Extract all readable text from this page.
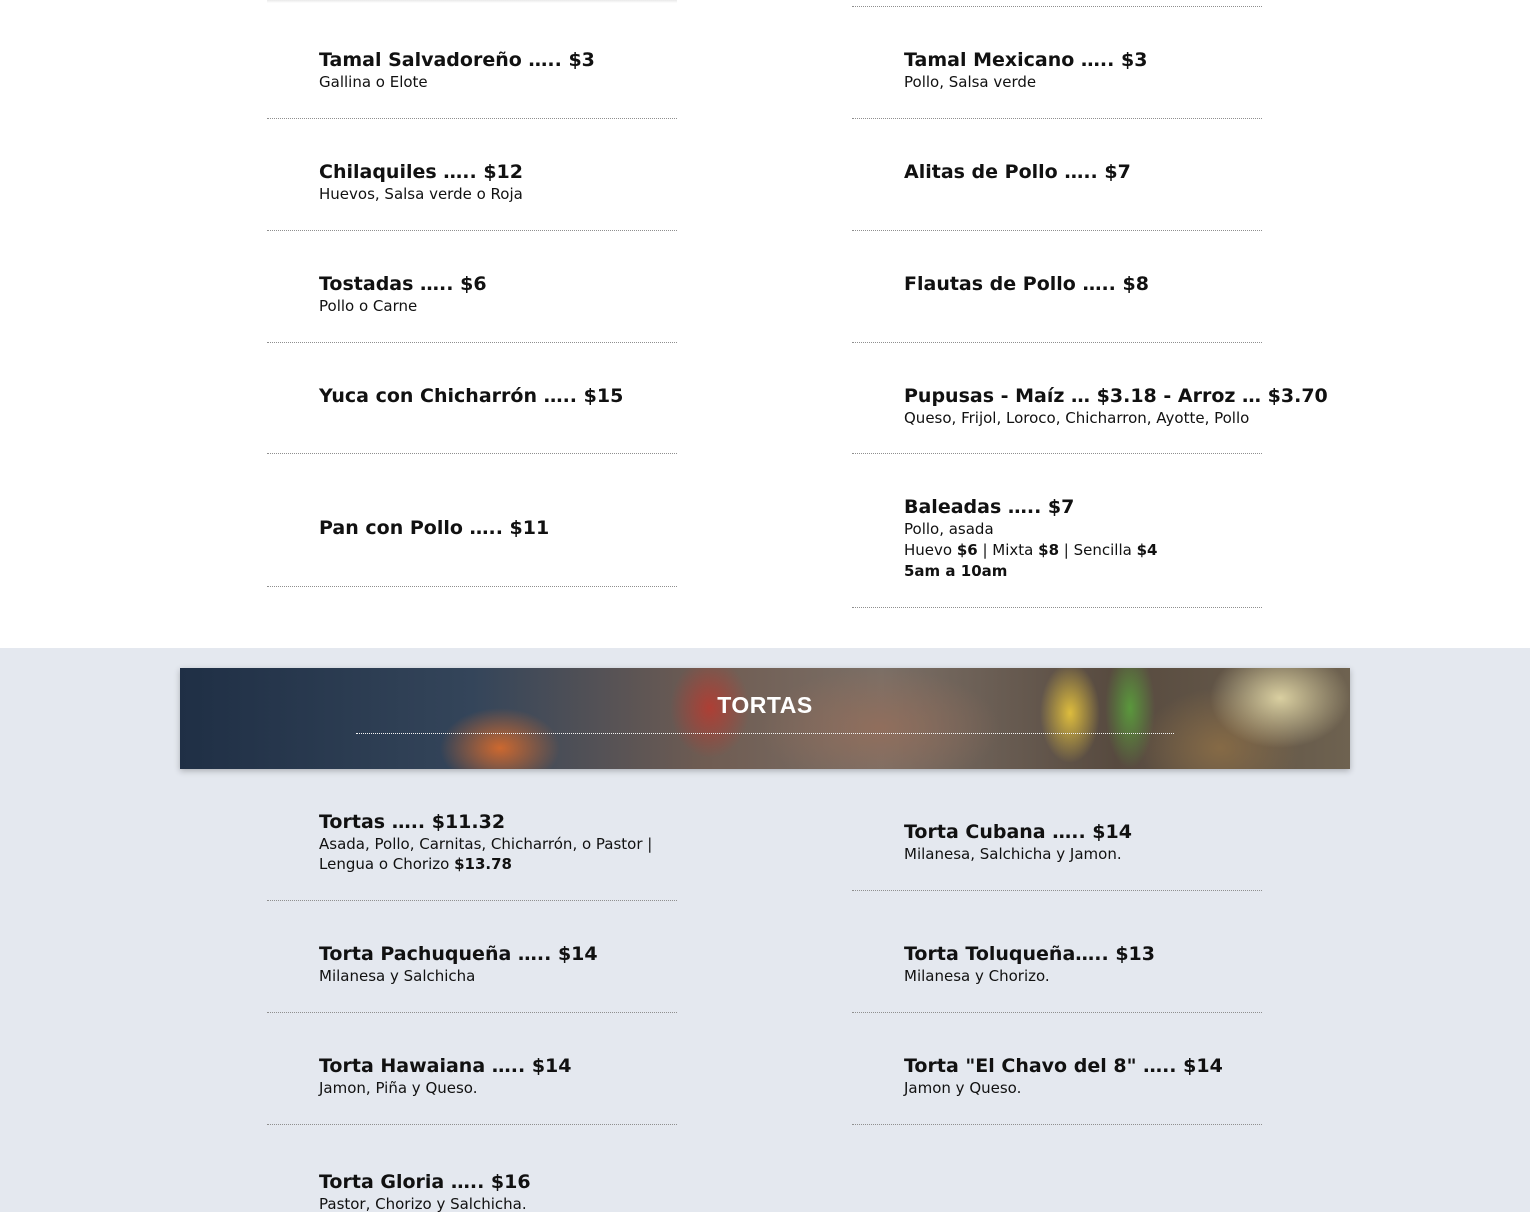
Tamal Salvadoreño ….. $3

Gallina o Elote

Chilaquiles ….. $12

Huevos, Salsa verde o Roja

Tostadas ….. $6

Pollo o Carne

Yuca con Chicharrón ….. $15

Pan con Pollo ….. $11

Tamal Mexicano ….. $3

Pollo, Salsa verde

Alitas de Pollo ….. $7

Flautas de Pollo ….. $8

Pupusas - Maíz … $3.18 - Arroz … $3.70

Queso, Frijol, Loroco, Chicharron, Ayotte, Pollo

Baleadas ….. $7

Pollo, asada

Huevo $6 | Mixta $8 | Sencilla $4

5am a 10am

TORTAS

Tortas ….. $11.32

Asada, Pollo, Carnitas, Chicharrón, o Pastor | Lengua o Chorizo $13.78

Torta Pachuqueña ….. $14

Milanesa y Salchicha

Torta Hawaiana ….. $14

Jamon, Piña y Queso.

Torta Gloria ….. $16

Pastor, Chorizo y Salchicha.

Torta Cubana ….. $14

Milanesa, Salchicha y Jamon.

Torta Toluqueña….. $13

Milanesa y Chorizo.

Torta "El Chavo del 8" ….. $14

Jamon y Queso.
